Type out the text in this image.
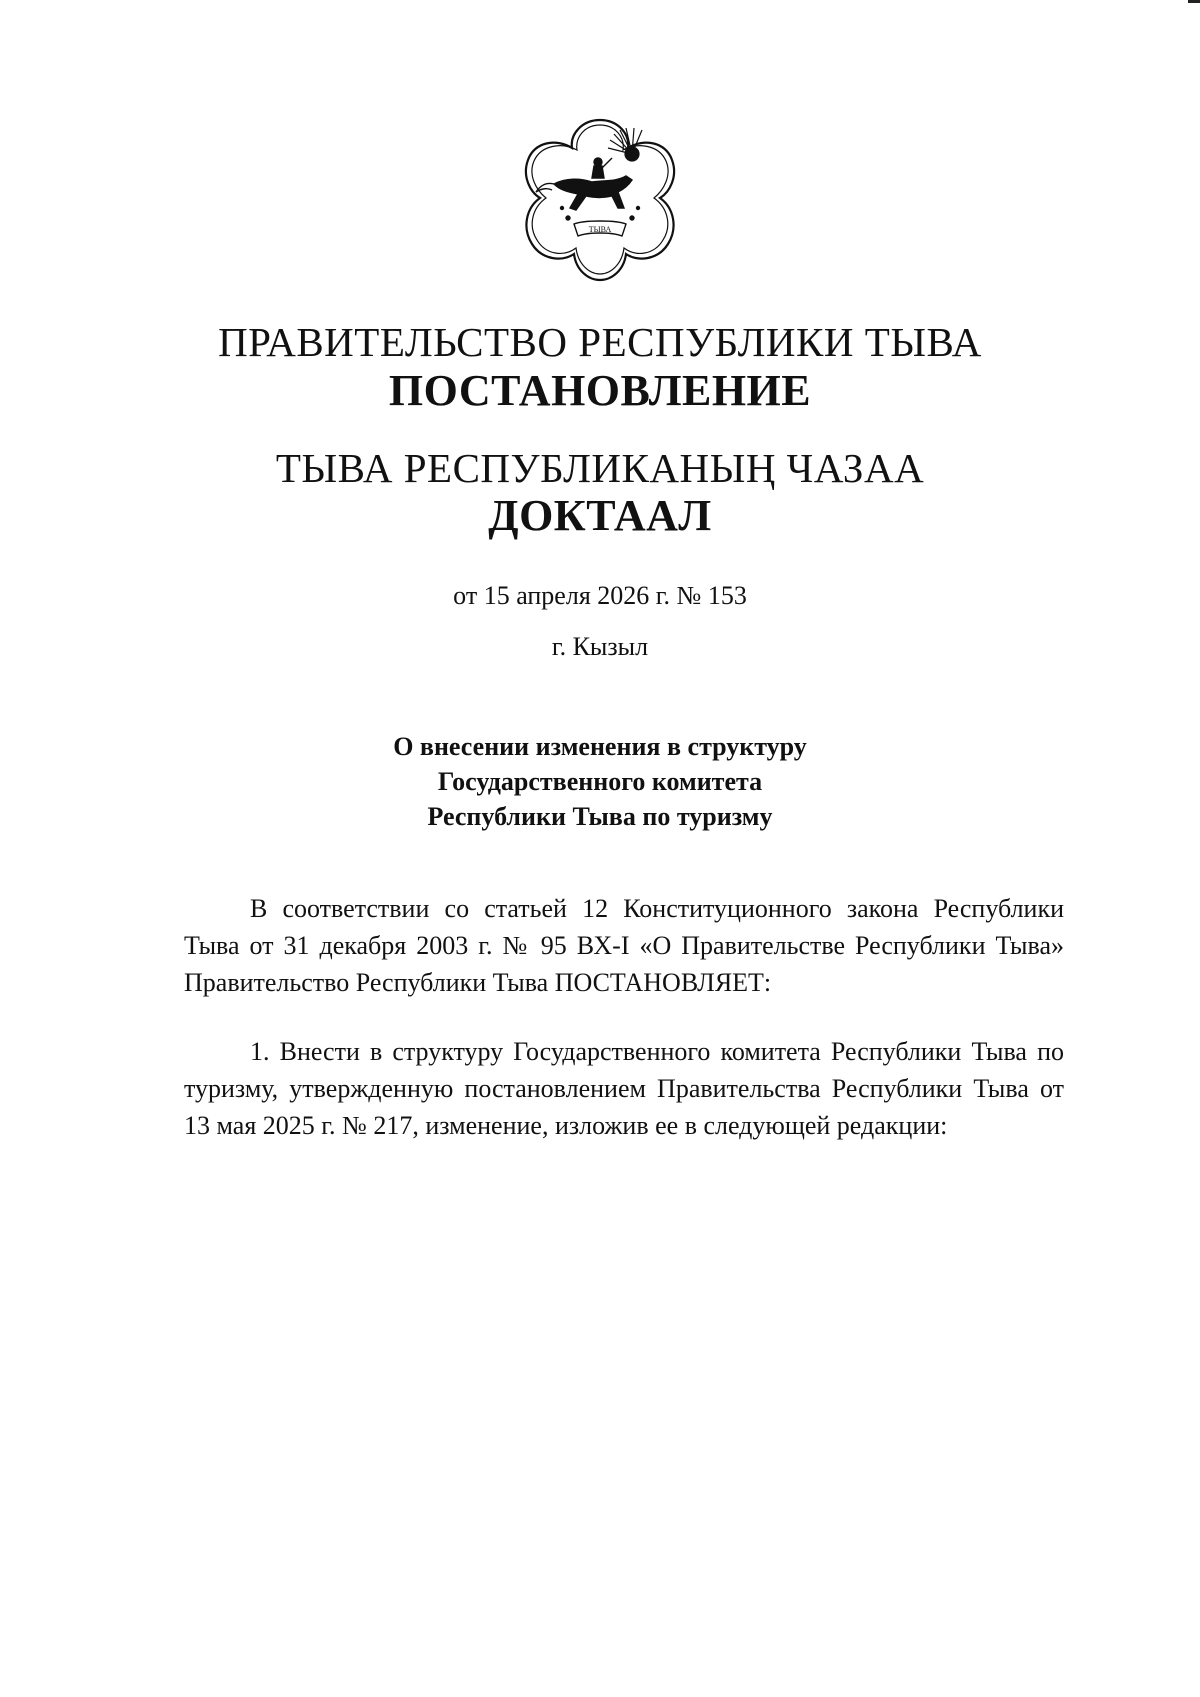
ТЫВА
ПРАВИТЕЛЬСТВО РЕСПУБЛИКИ ТЫВА
ПОСТАНОВЛЕНИЕ
ТЫВА РЕСПУБЛИКАНЫҢ ЧАЗАА
ДОКТААЛ
от 15 апреля 2026 г. № 153
г. Кызыл
О внесении изменения в структуру
Государственного комитета
Республики Тыва по туризму
В соответствии со статьей 12 Конституционного закона Республики Тыва от 31 декабря 2003 г. № 95 ВХ-I «О Правительстве Республики Тыва» Правительство Республики Тыва ПОСТАНОВЛЯЕТ:
1. Внести в структуру Государственного комитета Республики Тыва по туризму, утвержденную постановлением Правительства Республики Тыва от 13 мая 2025 г. № 217, изменение, изложив ее в следующей редакции:
